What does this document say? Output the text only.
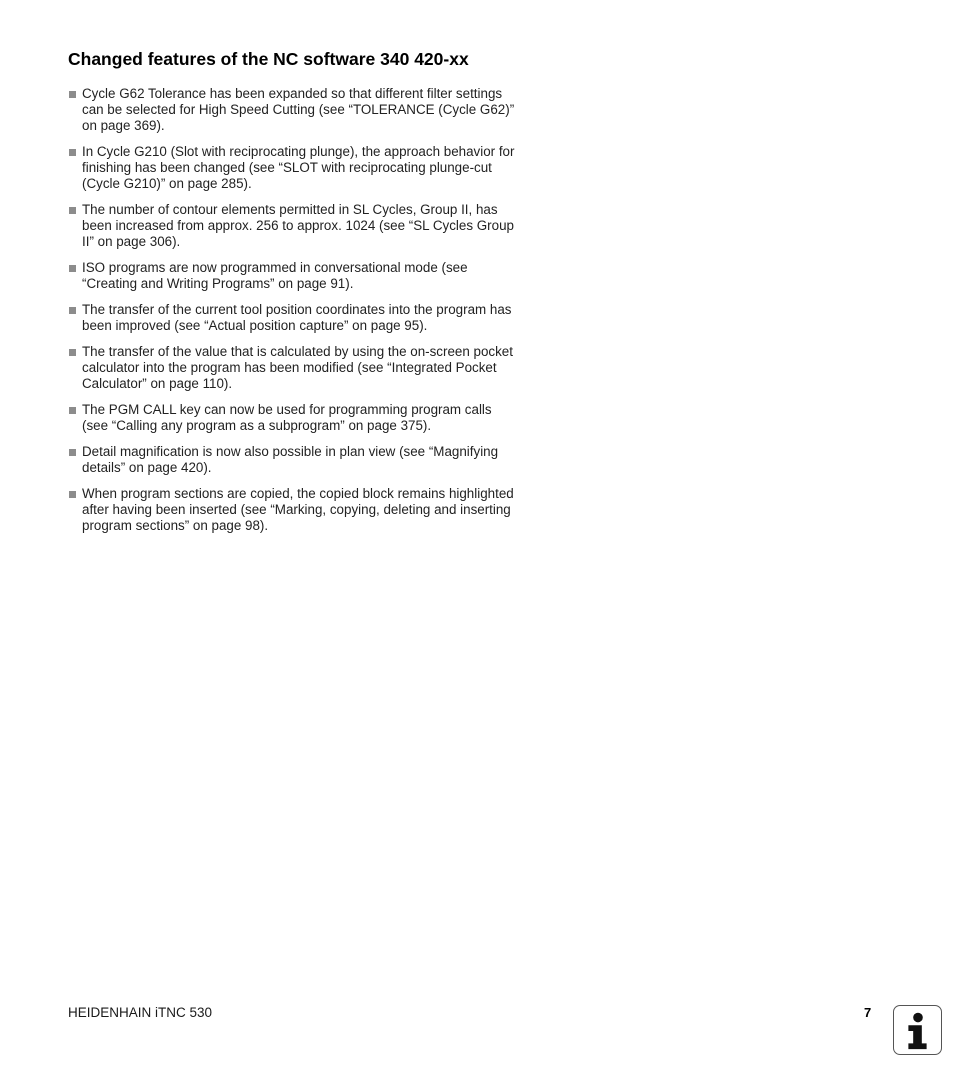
Changed features of the NC software 340 420-xx
Cycle G62 Tolerance has been expanded so that different filter settings can be selected for High Speed Cutting (see “TOLERANCE (Cycle G62)” on page 369).
In Cycle G210 (Slot with reciprocating plunge), the approach behavior for finishing has been changed (see “SLOT with reciprocating plunge-cut (Cycle G210)” on page 285).
The number of contour elements permitted in SL Cycles, Group II, has been increased from approx. 256 to approx. 1024 (see “SL Cycles Group II” on page 306).
ISO programs are now programmed in conversational mode (see “Creating and Writing Programs” on page 91).
The transfer of the current tool position coordinates into the program has been improved (see “Actual position capture” on page 95).
The transfer of the value that is calculated by using the on-screen pocket calculator into the program has been modified (see “Integrated Pocket Calculator” on page 110).
The PGM CALL key can now be used for programming program calls (see “Calling any program as a subprogram” on page 375).
Detail magnification is now also possible in plan view (see “Magnifying details” on page 420).
When program sections are copied, the copied block remains highlighted after having been inserted (see “Marking, copying, deleting and inserting program sections” on page 98).
HEIDENHAIN iTNC 530	7
